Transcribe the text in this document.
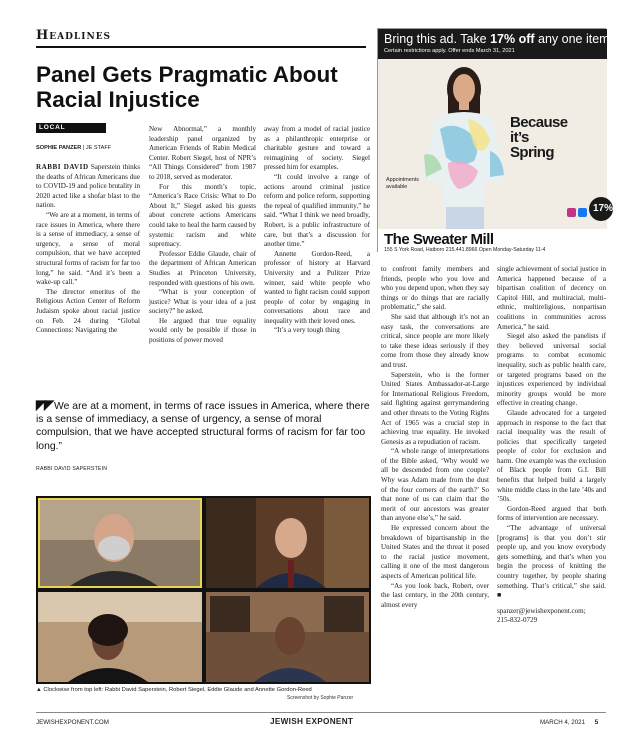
Headlines
Panel Gets Pragmatic About Racial Injustice
LOCAL
SOPHIE PANZER | JE STAFF

RABBI DAVID Saperstein thinks the deaths of African Americans due to COVID-19 and police brutality in 2020 acted like a shofar blast to the nation.

“We are at a moment, in terms of race issues in America, where there is a sense of immediacy, a sense of urgency, a sense of moral compulsion, that we have accepted structural forms of racism for far too long,” he said. “And it’s been a wake-up call.”

The director emeritus of the Religious Action Center of Reform Judaism spoke about racial justice on Feb. 24 during “Global Connections: Navigating the

New Abnormal,” a monthly leadership panel organized by American Friends of Rabin Medical Center. Robert Siegel, host of NPR’s “All Things Considered” from 1987 to 2018, served as moderator.

For this month’s topic, “America’s Race Crisis: What to Do About It,” Siegel asked his guests about concrete actions Americans could take to heal the harm caused by systemic racism and white supremacy.

Professor Eddie Glaude, chair of the department of African American Studies at Princeton University, responded with questions of his own.

“What is your conception of justice? What is your idea of a just society?” he asked.

He argued that true equality would only be possible if those in positions of power moved

away from a model of racial justice as a philanthropic enterprise or charitable gesture and toward a reimagining of society. Siegel pressed him for examples.

“It could involve a range of actions around criminal justice reform and police reform, supporting the repeal of qualified immunity,” he said. “What I think we need broadly, Robert, is a public infrastructure of care, but that’s a discussion for another time.”

Annette Gordon-Reed, a professor of history at Harvard University and a Pulitzer Prize winner, said white people who wanted to fight racism could support people of color by engaging in conversations about race and inequality with their loved ones.

“It’s a very tough thing

Bring this ad. Take 17% off any one item.
Certain restrictions apply. Offer ends March 31, 2021
Because
it’s
Spring
Appointments
available
17%
The Sweater Mill
155 S York Road, Hatboro 215.441.8966 Open Monday-Saturday 11-4

to confront family members and friends, people who you love and who you depend upon, when they say things or do things that are racially problematic,” she said.

She said that although it’s not an easy task, the conversations are critical, since people are more likely to take these ideas seriously if they come from those they already know and trust.

Saperstein, who is the former United States Ambassador-at-Large for International Religious Freedom, said fighting against gerrymandering and other threats to the Voting Rights Act of 1965 was a crucial step in achieving true equality. He invoked Genesis as a repudiation of racism.

“A whole range of interpretations of the Bible asked, ‘Why would we all be descended from one couple? Why was Adam made from the dust of the four corners of the earth?’ So that none of us can claim that the merit of our ancestors was greater than anyone else’s,” he said.

He expressed concern about the breakdown of bipartisanship in the United States and the threat it posed to the racial justice movement, calling it one of the most dangerous aspects of American political life.

“As you look back, Robert, over the last century, in the 20th century, almost every

single achievement of social justice in America happened because of a bipartisan coalition of decency on Capitol Hill, and multiracial, multi-ethnic, multireligious, nonpartisan coalitions in communities across America,” he said.

Siegel also asked the panelists if they believed universal social programs to combat economic inequality, such as public health care, or targeted programs based on the injustices experienced by individual minority groups would be more effective in creating change.

Glaude advocated for a targeted approach in response to the fact that racial inequality was the result of policies that specifically targeted people of color for exclusion and harm. One example was the exclusion of Black people from G.I. Bill benefits that helped build a largely white middle class in the late ’40s and ’50s.

Gordon-Reed argued that both forms of intervention are necessary.

“The advantage of universal [programs] is that you don’t stir people up, and you know everybody gets something, and that’s when you begin the process of knitting the country together, by people sharing something. That’s critical,” she said. ■

spanzer@jewishexponent.com;

215-832-0729

◤◤ We are at a moment, in terms of race issues in America, where there is a sense of immediacy, a sense of urgency, a sense of moral compulsion, that we have accepted structural forms of racism for far too long.”
RABBI DAVID SAPERSTEIN
▲ Clockwise from top left: Rabbi David Saperstein, Robert Siegel, Eddie Glaude and Annette Gordon-Reed
Screenshot by Sophie Panzer
JEWISHEXPONENT.COM	JEWISH EXPONENT	MARCH 4, 2021 5
